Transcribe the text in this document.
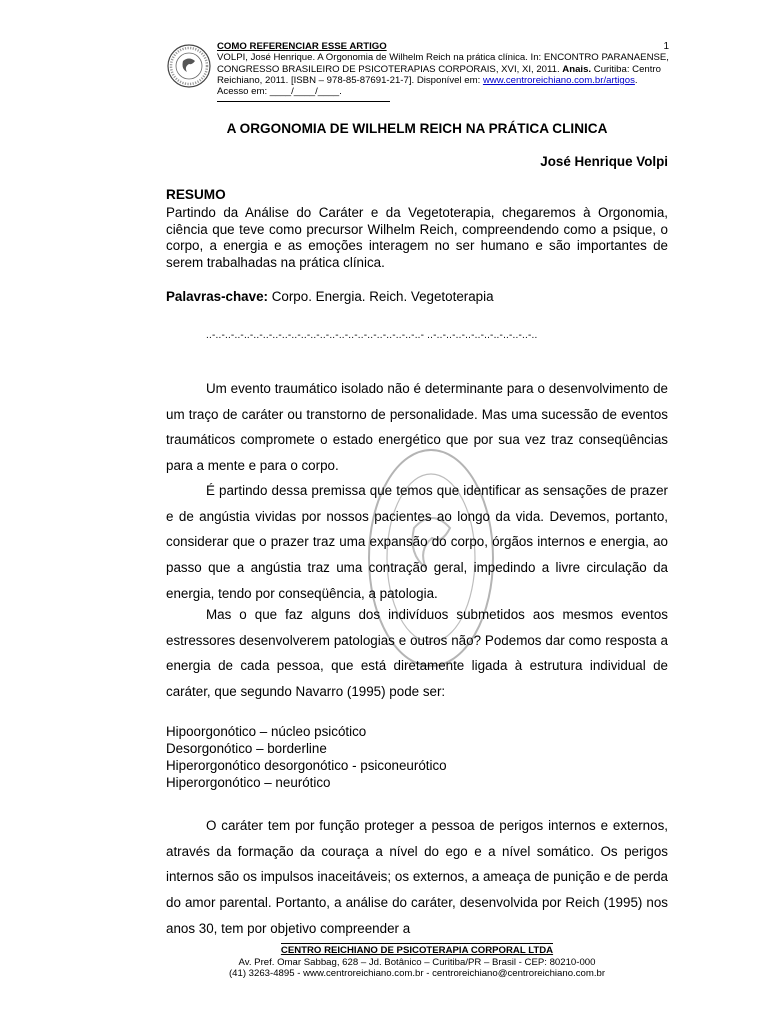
1
COMO REFERENCIAR ESSE ARTIGO
VOLPI, José Henrique. A Orgonomia de Wilhelm Reich na prática clínica. In: ENCONTRO PARANAENSE, CONGRESSO BRASILEIRO DE PSICOTERAPIAS CORPORAIS, XVI, XI, 2011. Anais. Curitiba: Centro Reichiano, 2011. [ISBN – 978-85-87691-21-7]. Disponível em: www.centroreichiano.com.br/artigos. Acesso em: ____/____/____.
A ORGONOMIA DE WILHELM REICH NA PRÁTICA CLINICA
José Henrique Volpi
RESUMO
Partindo da Análise do Caráter e da Vegetoterapia, chegaremos à Orgonomia, ciência que teve como precursor Wilhelm Reich, compreendendo como a psique, o corpo, a energia e as emoções interagem no ser humano e são importantes de serem trabalhadas na prática clínica.
Palavras-chave: Corpo. Energia. Reich. Vegetoterapia
..-..-..-..-..-..-..-..-..-..-..-..-..-..-..-..-..-..-..-..-..-..-..- ..-..-..-..-..-..-..-..-..-..-..-..

Um evento traumático isolado não é determinante para o desenvolvimento de um traço de caráter ou transtorno de personalidade. Mas uma sucessão de eventos traumáticos compromete o estado energético que por sua vez traz conseqüências para a mente e para o corpo.

É partindo dessa premissa que temos que identificar as sensações de prazer e de angústia vividas por nossos pacientes ao longo da vida. Devemos, portanto, considerar que o prazer traz uma expansão do corpo, órgãos internos e energia, ao passo que a angústia traz uma contração geral, impedindo a livre circulação da energia, tendo por conseqüência, a patologia.

Mas o que faz alguns dos indivíduos submetidos aos mesmos eventos estressores desenvolverem patologias e outros não? Podemos dar como resposta a energia de cada pessoa, que está diretamente ligada à estrutura individual de caráter, que segundo Navarro (1995) pode ser:

Hipoorgonótico – núcleo psicótico
Desorgonótico – borderline
Hiperorgonótico desorgonótico - psiconeurótico
Hiperorgonótico – neurótico

O caráter tem por função proteger a pessoa de perigos internos e externos, através da formação da couraça a nível do ego e a nível somático. Os perigos internos são os impulsos inaceitáveis; os externos, a ameaça de punição e de perda do amor parental. Portanto, a análise do caráter, desenvolvida por Reich (1995) nos anos 30, tem por objetivo compreender a

CENTRO REICHIANO DE PSICOTERAPIA CORPORAL LTDA
Av. Pref. Omar Sabbag, 628 – Jd. Botânico – Curitiba/PR – Brasil - CEP: 80210-000
(41) 3263-4895 - www.centroreichiano.com.br - centroreichiano@centroreichiano.com.br
